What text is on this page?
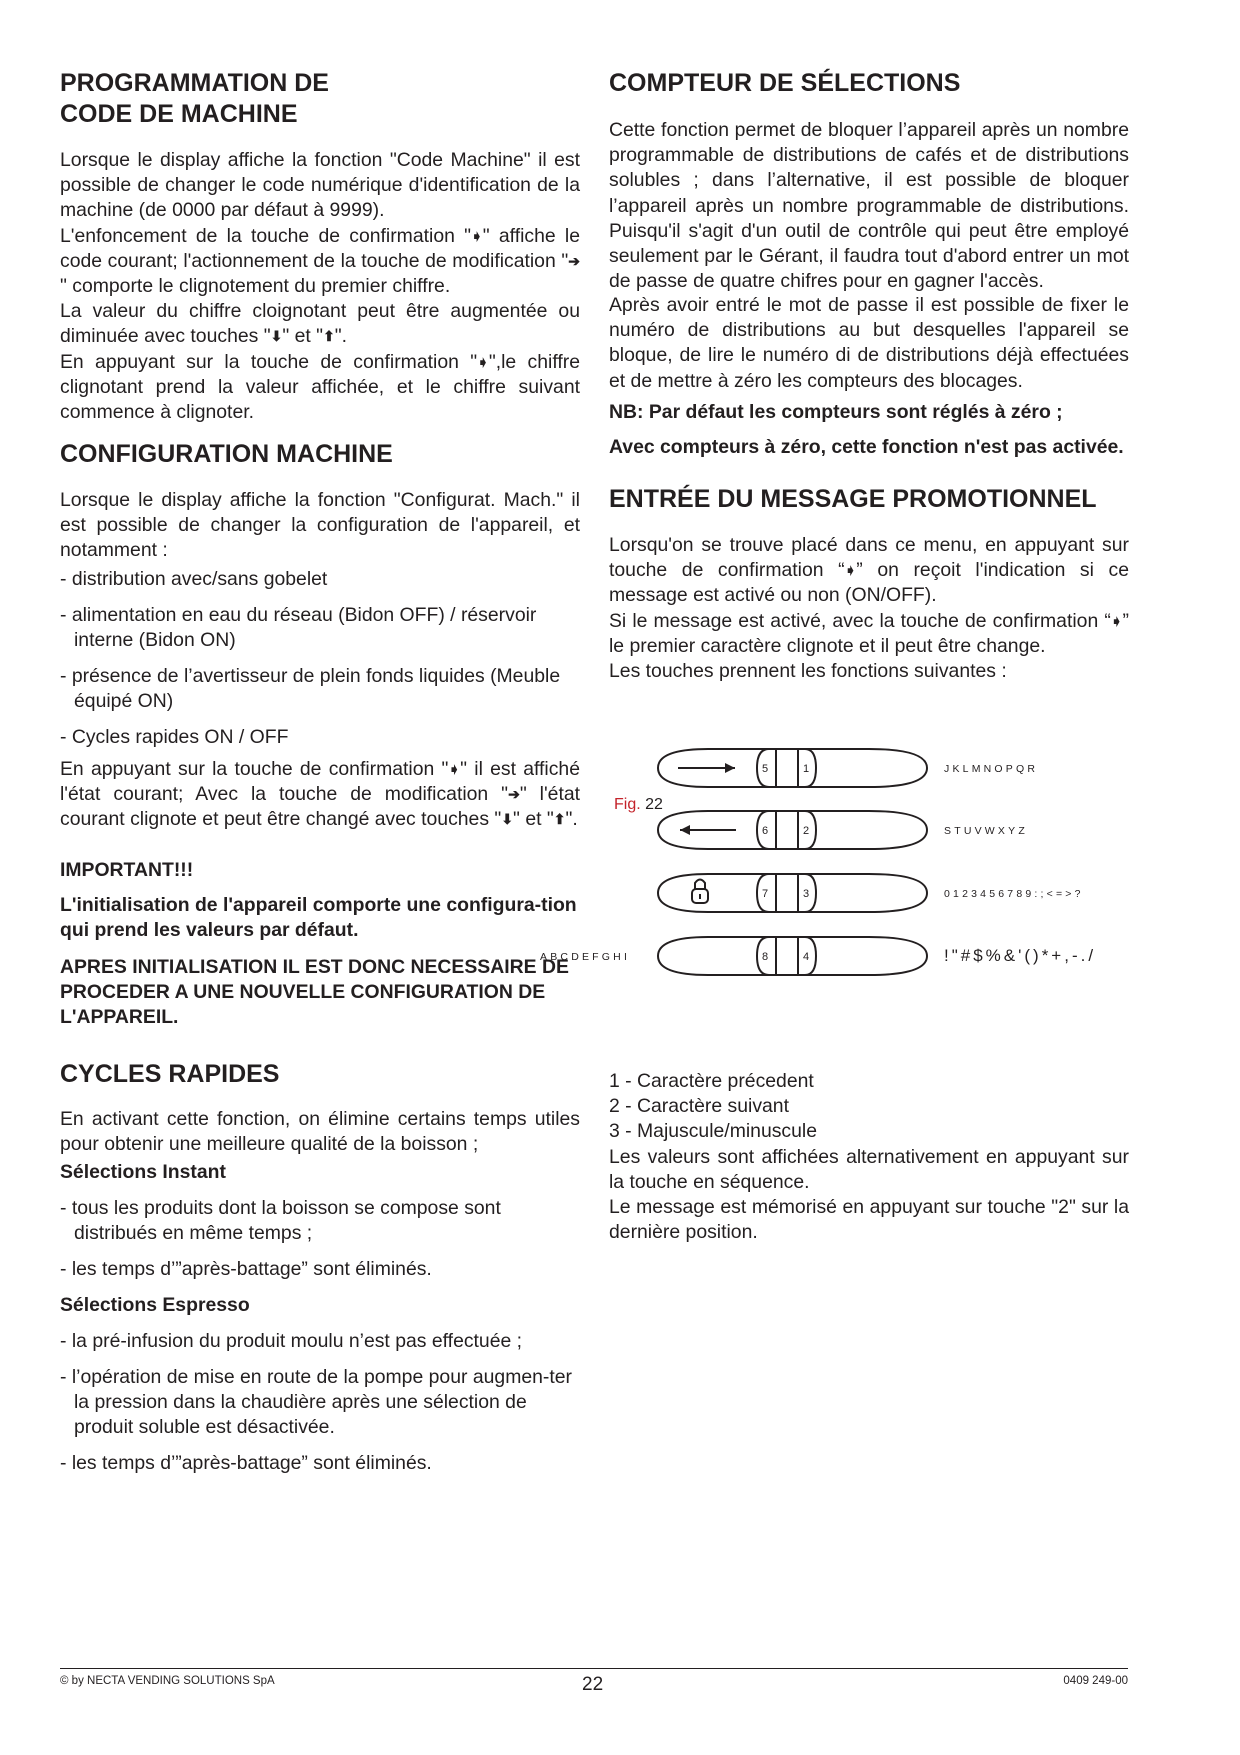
PROGRAMMATION DE
CODE DE MACHINE

Lorsque le display affiche la fonction "Code Machine" il est possible de changer le code numérique d'identification de la machine (de 0000 par défaut à 9999).
L'enfoncement de la touche de confirmation "➧" affiche le code courant; l'actionnement de la touche de modification "➔" comporte le clignotement du premier chiffre.
La valeur du chiffre cloignotant peut être augmentée ou diminuée avec touches "⬇" et "⬆".
En appuyant sur la touche de confirmation "➧",le chiffre clignotant prend la valeur affichée, et le chiffre suivant commence à clignoter.

CONFIGURATION MACHINE

Lorsque le display affiche la fonction "Configurat. Mach." il est possible de changer la configuration de l'appareil, et notamment :

- distribution avec/sans gobelet

- alimentation en eau du réseau (Bidon OFF) / réservoir interne (Bidon ON)

- présence de l’avertisseur de plein fonds liquides (Meuble équipé ON)

- Cycles rapides ON / OFF

En appuyant sur la touche de confirmation "➧" il est affiché l'état courant; Avec la touche de modification "➔" l'état courant clignote et peut être changé avec touches "⬇" et "⬆".

IMPORTANT!!!

L'initialisation de l'appareil comporte une configura-tion qui prend les valeurs par défaut.

APRES INITIALISATION IL EST DONC NECESSAIRE DE PROCEDER A UNE NOUVELLE CONFIGURATION DE L'APPAREIL.

CYCLES RAPIDES

En activant cette fonction, on élimine certains temps utiles pour obtenir une meilleure qualité de la boisson ;

Sélections Instant

- tous les produits dont la boisson se compose sont distribués en même temps ;

- les temps d’”après-battage” sont éliminés.

Sélections Espresso

- la pré-infusion du produit moulu n’est pas effectuée ;

- l’opération de mise en route de la pompe pour augmen-ter la pression dans la chaudière après une sélection de produit soluble est désactivée.

- les temps d’”après-battage” sont éliminés.

COMPTEUR DE SÉLECTIONS

Cette fonction permet de bloquer l’appareil après un nombre programmable de distributions de cafés et de distributions solubles ; dans l’alternative, il est possible de bloquer l’appareil après un nombre programmable de distributions. Puisqu'il s'agit d'un outil de contrôle qui peut être employé seulement par le Gérant, il faudra tout d'abord entrer un mot de passe de quatre chifres pour en gagner l'accès.

Après avoir entré le mot de passe il est possible de fixer le numéro de distributions au but desquelles l'appareil se bloque, de lire le numéro di de distributions déjà effectuées et de mettre à zéro les compteurs des blocages.

NB: Par défaut les compteurs sont réglés à zéro ;

Avec compteurs à zéro, cette fonction n'est pas activée.

ENTRÉE DU MESSAGE PROMOTIONNEL

Lorsqu'on se trouve placé dans ce menu, en appuyant sur touche de confirmation “➧” on reçoit l'indication si ce message est activé ou non (ON/OFF).
Si le message est activé, avec la touche de confirmation “➧” le premier caractère clignote et il peut être change.
Les touches prennent les fonctions suivantes :

1 - Caractère précedent
2 - Caractère suivant
3 - Majuscule/minuscule

Les valeurs sont affichées alternativement en appuyant sur la touche en séquence.

Le message est mémorisé en appuyant sur touche "2" sur la dernière position.

Fig. 22
1
2
3
4
5
6
7
8
JKLMNOPQR
STUVWXYZ
0123456789:;<=>?
!"#$%&'()*+,-./
ABCDEFGHI
© by NECTA VENDING SOLUTIONS SpA	22	0409 249-00
